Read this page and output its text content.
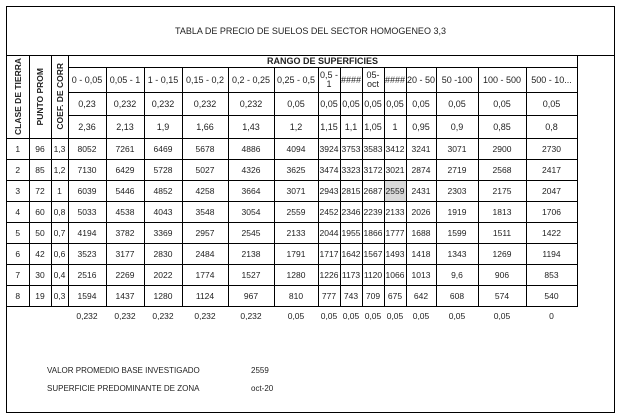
TABLA DE PRECIO DE SUELOS DEL SECTOR HOMOGENEO 3,3
CLASE DE TIERRA	PUNTO PROM	COEF. DE CORR	RANGO DE SUPERFICIES													
			0 - 0,05	0,05 - 1	1 - 0,15	0,15 - 0,2	0,2 - 0,25	0,25 - 0,5	0,5 - 1	####	05-oct	####	20 - 50	50 -100	100 - 500	500 - 10...
			0,23	0,232	0,232	0,232	0,232	0,05	0,05	0,05	0,05	0,05	0,05	0,05	0,05	0,05
			2,36	2,13	1,9	1,66	1,43	1,2	1,15	1,1	1,05	1	0,95	0,9	0,85	0,8
1	96	1,3	8052	7261	6469	5678	4886	4094	3924	3753	3583	3412	3241	3071	2900	2730
2	85	1,2	7130	6429	5728	5027	4326	3625	3474	3323	3172	3021	2874	2719	2568	2417
3	72	1	6039	5446	4852	4258	3664	3071	2943	2815	2687	2559	2431	2303	2175	2047
4	60	0,8	5033	4538	4043	3548	3054	2559	2452	2346	2239	2133	2026	1919	1813	1706
5	50	0,7	4194	3782	3369	2957	2545	2133	2044	1955	1866	1777	1688	1599	1511	1422
6	42	0,6	3523	3177	2830	2484	2138	1791	1717	1642	1567	1493	1418	1343	1269	1194
7	30	0,4	2516	2269	2022	1774	1527	1280	1226	1173	1120	1066	1013	9,6	906	853
8	19	0,3	1594	1437	1280	1124	967	810	777	743	709	675	642	608	574	540
			0,232	0,232	0,232	0,232	0,232	0,05	0,05	0,05	0,05	0,05	0,05	0,05	0,05	0
VALOR PROMEDIO BASE INVESTIGADO	2559
SUPERFICIE PREDOMINANTE DE ZONA	oct-20
